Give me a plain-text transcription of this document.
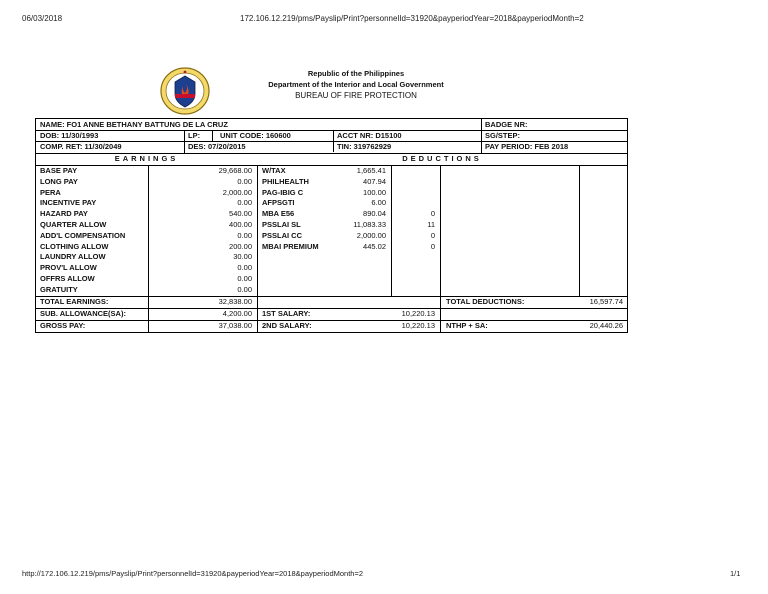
06/03/2018	172.106.12.219/pms/Payslip/Print?personnelId=31920&payperiodYear=2018&payperiodMonth=2
Republic of the Philippines
Department of the Interior and Local Government
BUREAU OF FIRE PROTECTION
NAME: FO1 ANNE BETHANY BATTUNG DE LA CRUZ	BADGE NR:
DOB: 11/30/1993	LP:	UNIT CODE: 160600	ACCT NR: D15100	SG/STEP:
COMP. RET: 11/30/2049	DES: 07/20/2015	TIN: 319762929	PAY PERIOD: FEB 2018
EARNINGS	DEDUCTIONS
BASE PAY	29,668.00
LONG PAY	0.00
PERA	2,000.00
INCENTIVE PAY	0.00
HAZARD PAY	540.00
QUARTER ALLOW	400.00
ADD'L COMPENSATION	0.00
CLOTHING ALLOW	200.00
LAUNDRY ALLOW	30.00
PROV'L ALLOW	0.00
OFFRS ALLOW	0.00
GRATUITY	0.00
W/TAX	1,665.41
PHILHEALTH	407.94
PAG-IBIG C	100.00
AFPSGTI	6.00
MBA E56	890.04	0
PSSLAI SL	11,083.33	11
PSSLAI CC	2,000.00	0
MBAI PREMIUM	445.02	0
TOTAL EARNINGS:	32,838.00	TOTAL DEDUCTIONS:	16,597.74
SUB. ALLOWANCE(SA):	4,200.00 1ST SALARY:	10,220.13
GROSS PAY:	37,038.00 2ND SALARY:	10,220.13 NTHP + SA:	20,440.26
http://172.106.12.219/pms/Payslip/Print?personnelId=31920&payperiodYear=2018&payperiodMonth=2	1/1
